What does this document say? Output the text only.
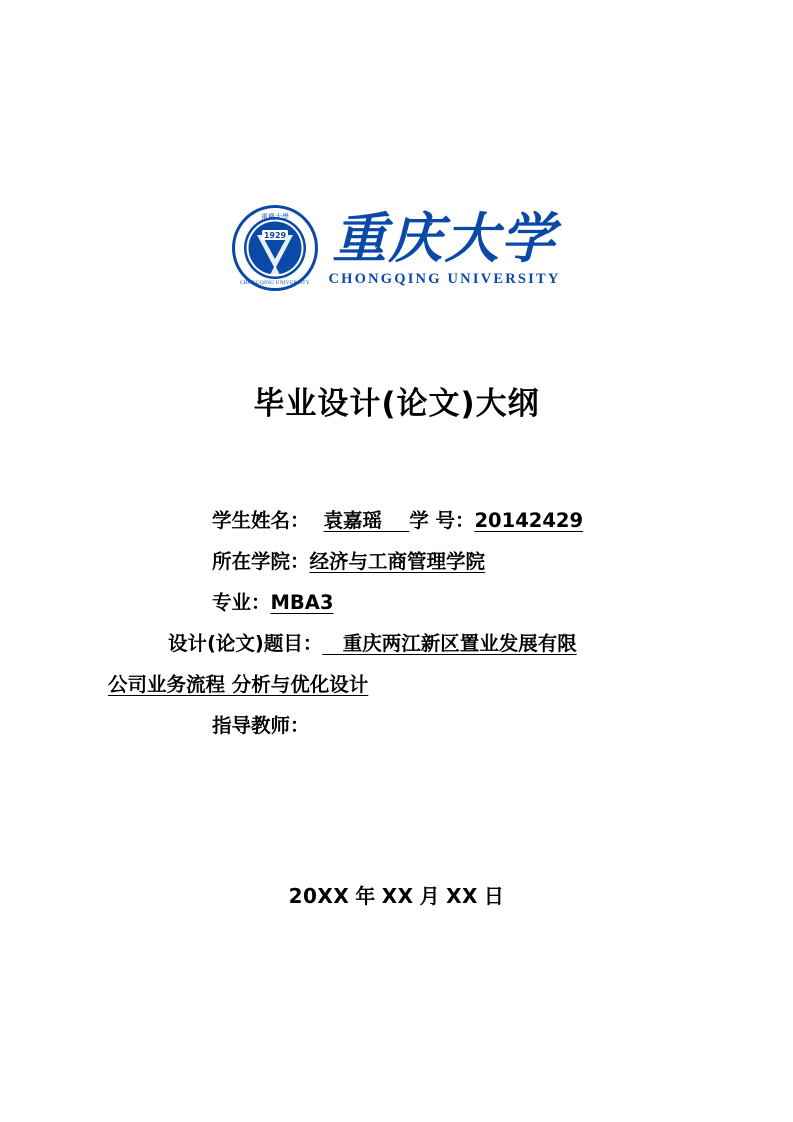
1929
重慶大學
CHONGQING UNIVERSITY
重庆大学
CHONGQING UNIVERSITY
毕业设计(论文)大纲
学生姓名： 袁嘉瑶 学 号：20142429
所在学院：经济与工商管理学院
专业：MBA3
设计(论文)题目： 重庆两江新区置业发展有限
公司业务流程 分析与优化设计
指导教师：
20XX 年 XX 月 XX 日
